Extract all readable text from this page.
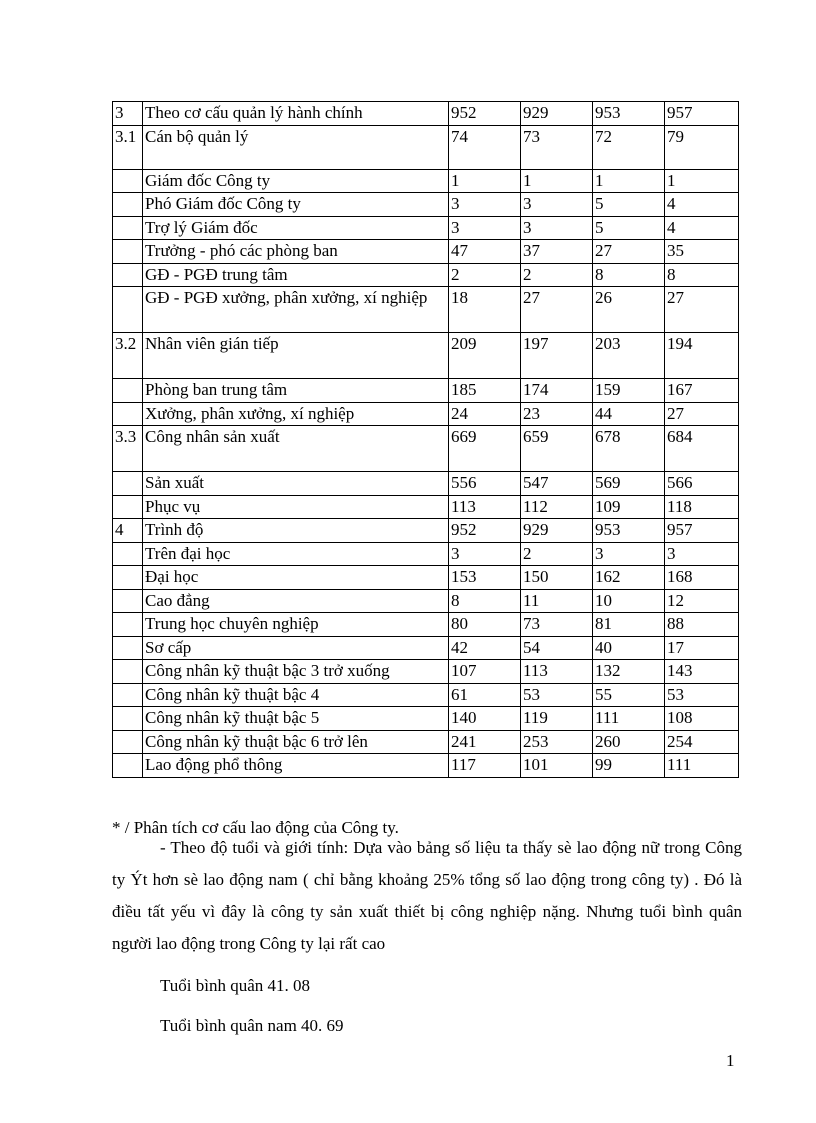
3	Theo cơ cấu quản lý hành chính	952	929	953	957
3.1	Cán bộ quản lý	74	73	72	79
	Giám đốc Công ty	1	1	1	1
	Phó Giám đốc Công ty	3	3	5	4
	Trợ lý Giám đốc	3	3	5	4
	Trưởng - phó các phòng ban	47	37	27	35
	GĐ - PGĐ trung tâm	2	2	8	8
	GĐ - PGĐ xưởng, phân xưởng, xí nghiệp	18	27	26	27
3.2	Nhân viên gián tiếp	209	197	203	194
	Phòng ban trung tâm	185	174	159	167
	Xưởng, phân xưởng, xí nghiệp	24	23	44	27
3.3	Công nhân sản xuất	669	659	678	684
	Sản xuất	556	547	569	566
	Phục vụ	113	112	109	118
4	Trình độ	952	929	953	957
	Trên đại học	3	2	3	3
	Đại học	153	150	162	168
	Cao đẳng	8	11	10	12
	Trung học chuyên nghiệp	80	73	81	88
	Sơ cấp	42	54	40	17
	Công nhân kỹ thuật bậc 3 trở xuống	107	113	132	143
	Công nhân kỹ thuật bậc 4	61	53	55	53
	Công nhân kỹ thuật bậc 5	140	119	111	108
	Công nhân kỹ thuật bậc 6 trở lên	241	253	260	254
	Lao động phổ thông	117	101	99	111

* / Phân tích cơ cấu lao động của Công ty.

- Theo độ tuổi và giới tính: Dựa vào bảng số liệu ta thấy sè lao động nữ trong Công ty Ýt hơn sè lao động nam ( chỉ bằng khoảng 25% tổng số lao động trong công ty) . Đó là điều tất yếu vì đây là công ty sản xuất thiết bị công nghiệp nặng. Nhưng tuổi bình quân người lao động trong Công ty lại rất cao

Tuổi bình quân 41. 08

Tuổi bình quân nam 40. 69

1
